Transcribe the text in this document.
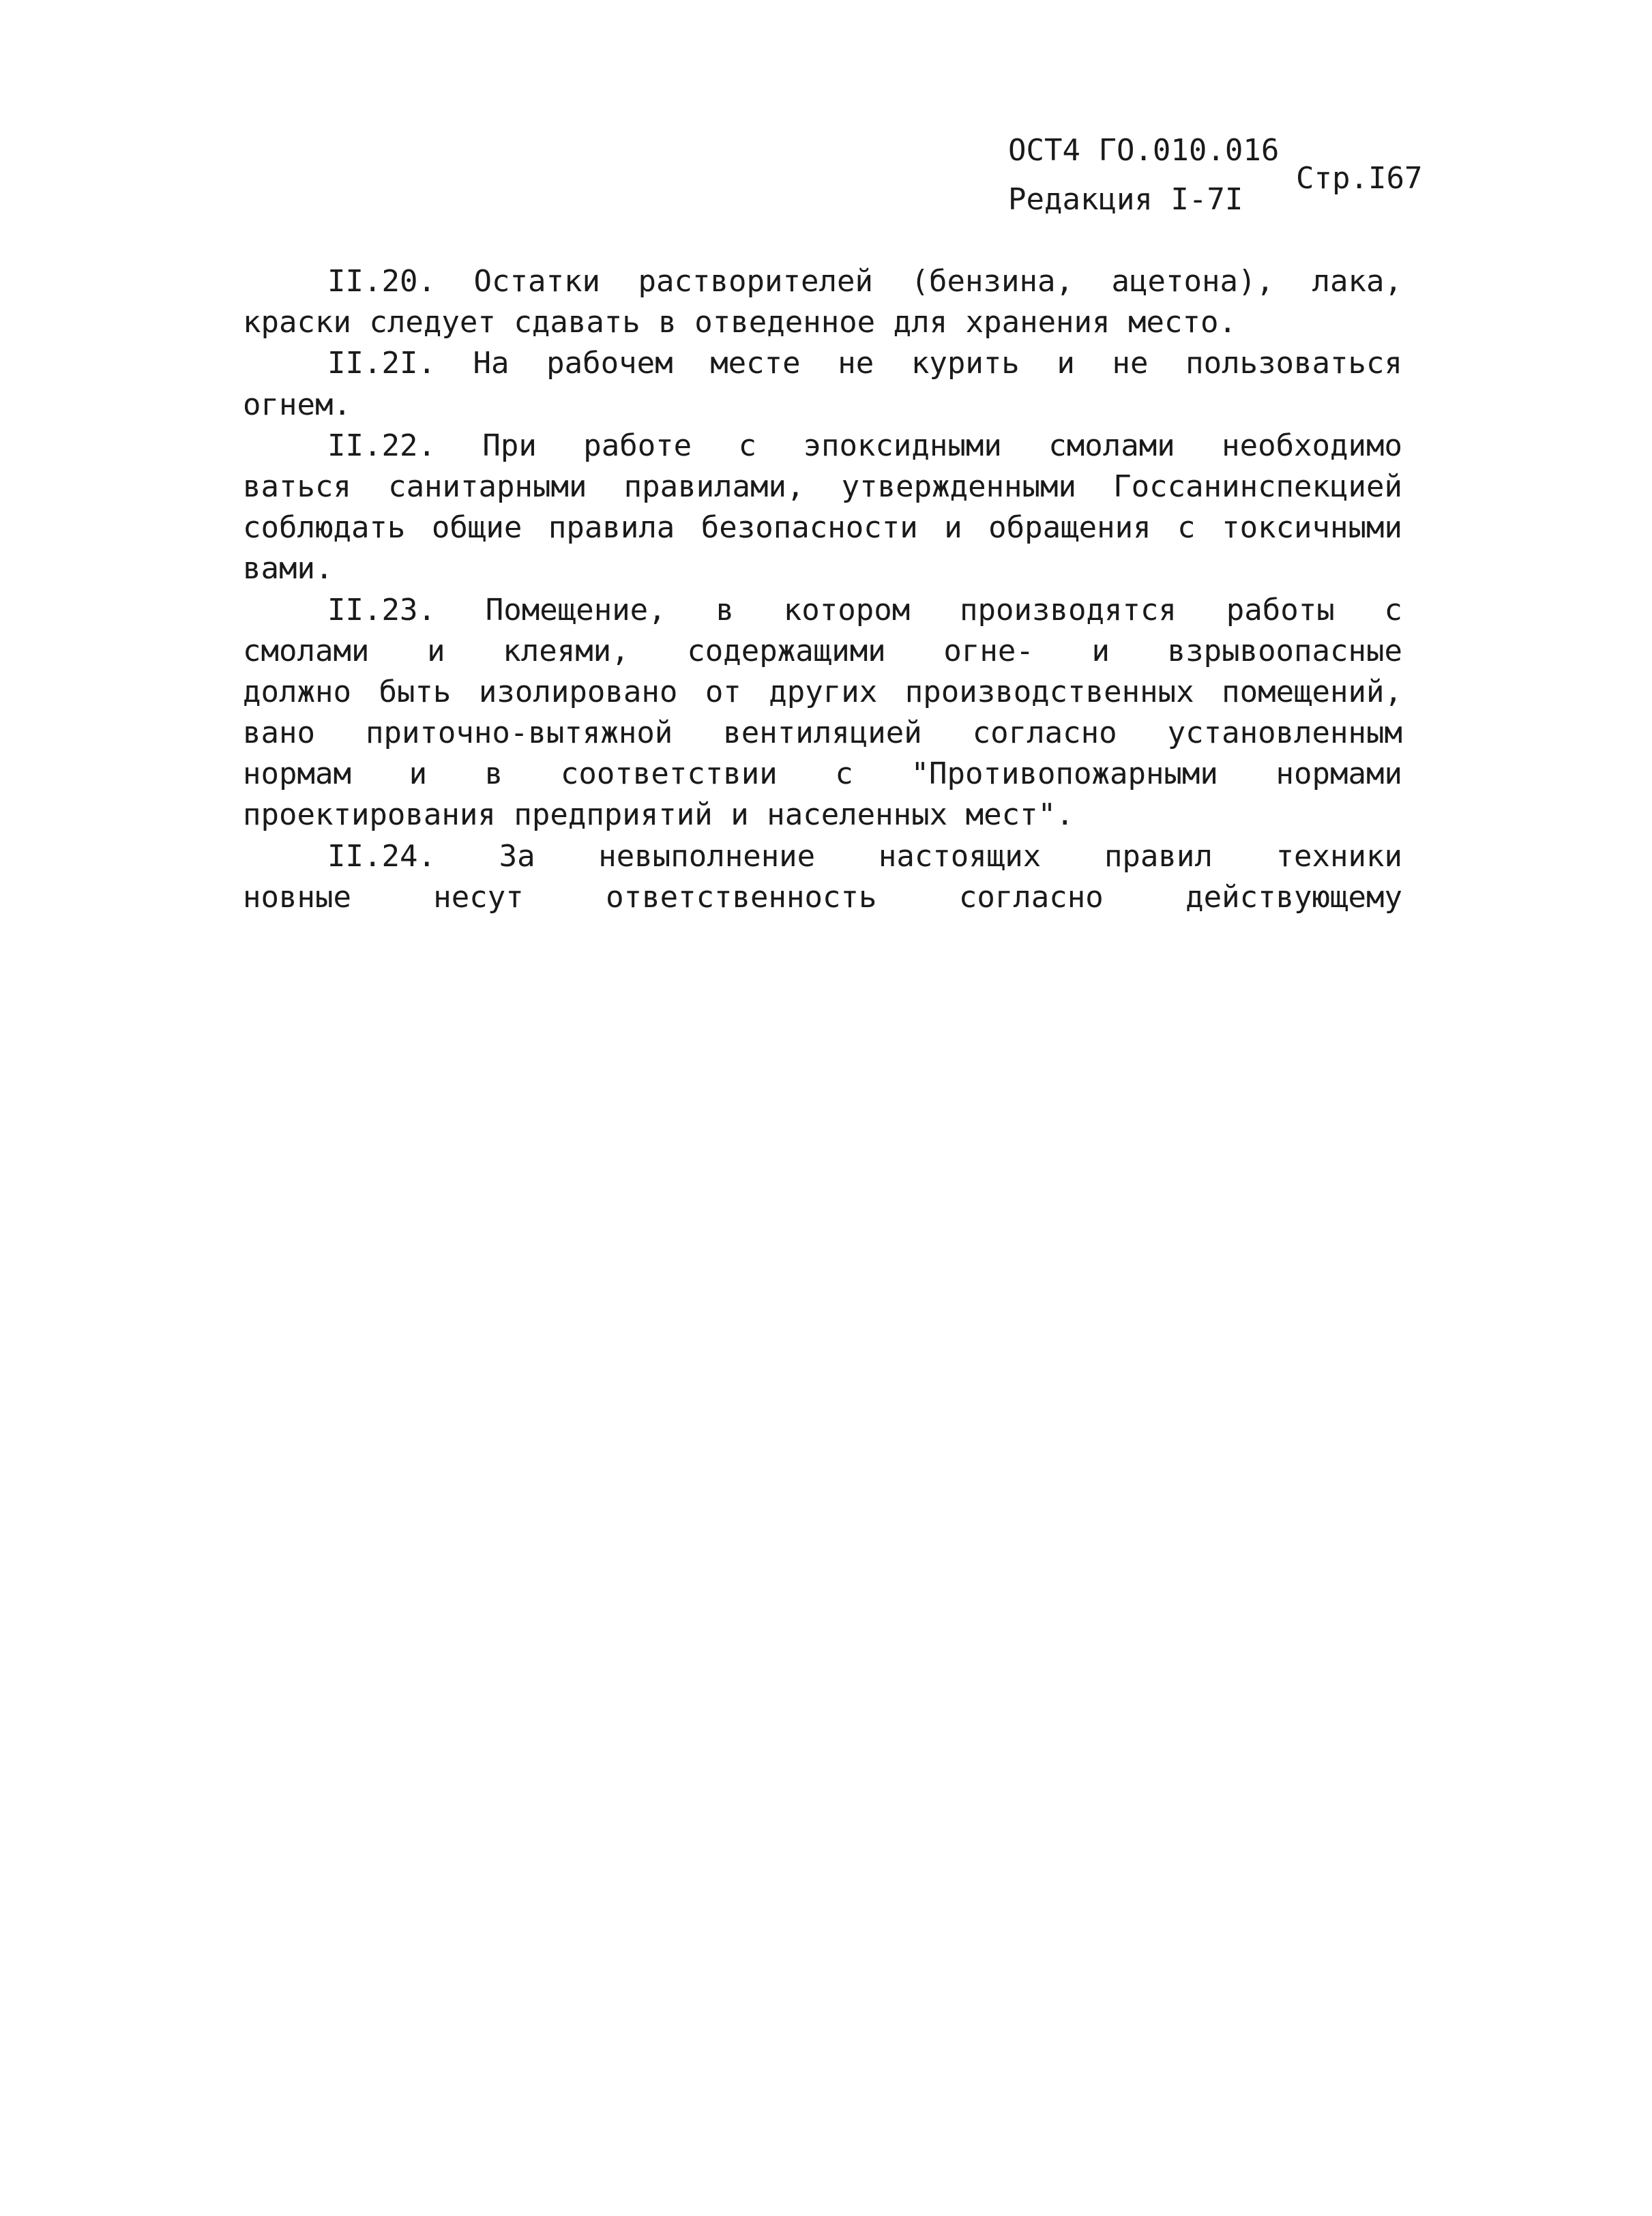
ОСТ4 ГО.010.016
Редакция I-7I
Стр.I67
II.20. Остатки растворителей (бензина, ацетона), лака,
краски следует сдавать в отведенное для хранения место.
II.2I. На рабочем месте не курить и не пользоваться
огнем.
II.22. При работе с эпоксидными смолами необходимо
ваться санитарными правилами, утвержденными Госсанинспекцией
соблюдать общие правила безопасности и обращения с токсичными
вами.
II.23. Помещение, в котором производятся работы с
смолами и клеями, содержащими огне- и взрывоопасные
должно быть изолировано от других производственных помещений,
вано приточно-вытяжной вентиляцией согласно установленным
нормам и в соответствии с "Противопожарными нормами
проектирования предприятий и населенных мест".
II.24. За невыполнение настоящих правил техники
новные несут ответственность согласно действующему
